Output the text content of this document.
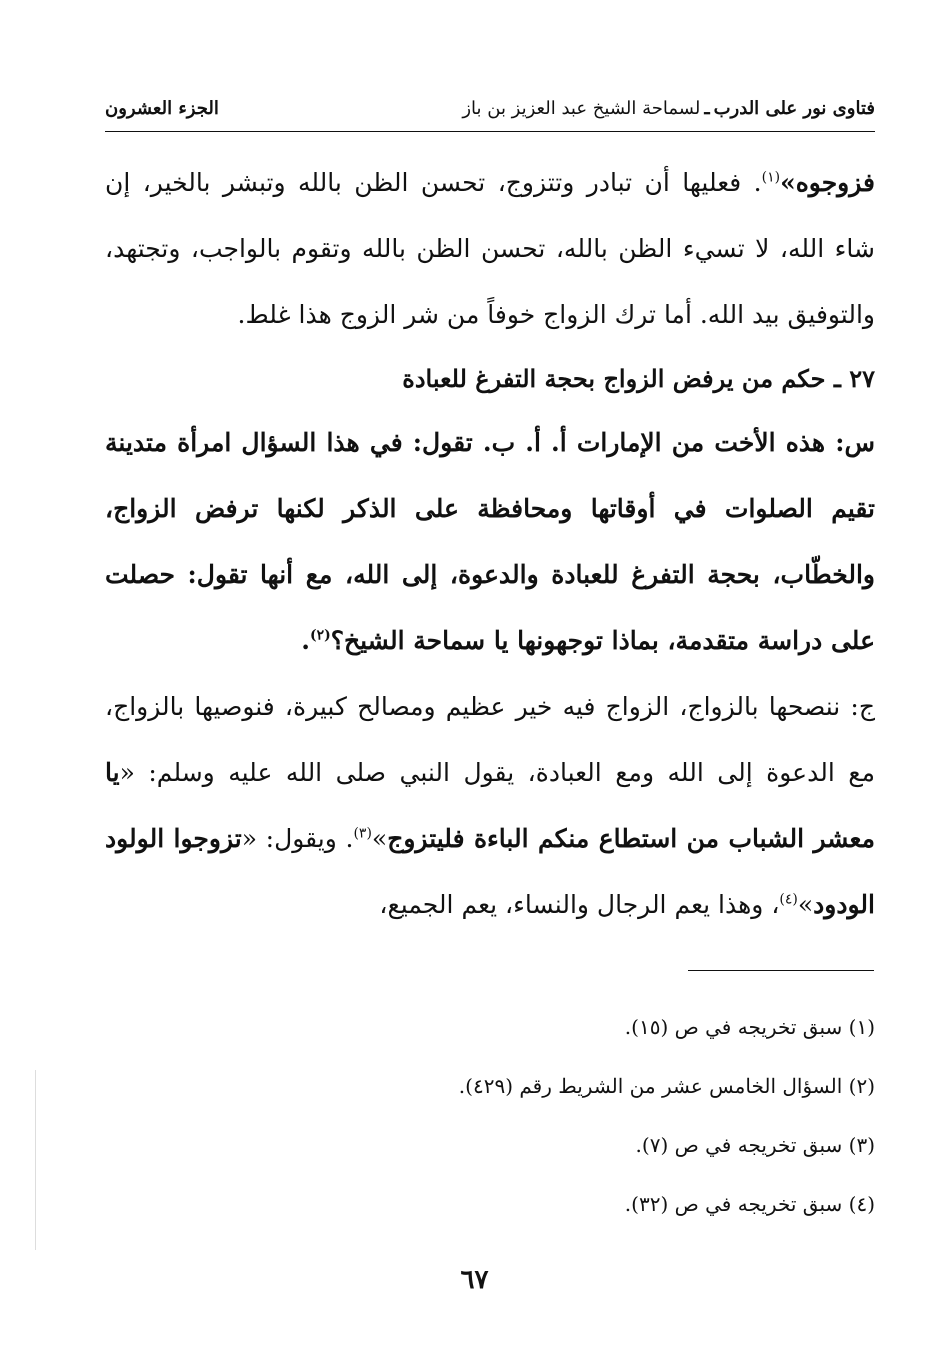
فتاوى نور على الدرب
ـ
لسماحة الشيخ عبد العزيز بن باز
الجزء العشرون

فزوجوه»$^{(١)}$. فعليها أن تبادر وتتزوج، تحسن الظن بالله وتبشر بالخير، إن شاء الله، لا تسيء الظن بالله، تحسن الظن بالله وتقوم بالواجب، وتجتهد، والتوفيق بيد الله. أما ترك الزواج خوفاً من شر الزوج هذا غلط.

٢٧ ـ حكم من يرفض الزواج بحجة التفرغ للعبادة

س: هذه الأخت من الإمارات أ. أ. ب. تقول: في هذا السؤال امرأة متدينة تقيم الصلوات في أوقاتها ومحافظة على الذكر لكنها ترفض الزواج، والخطّاب، بحجة التفرغ للعبادة والدعوة، إلى الله، مع أنها تقول: حصلت على دراسة متقدمة، بماذا توجهونها يا سماحة الشيخ؟$^{(٢)}$.

ج: ننصحها بالزواج، الزواج فيه خير عظيم ومصالح كبيرة، فنوصيها بالزواج، مع الدعوة إلى الله ومع العبادة، يقول النبي صلى الله عليه وسلم: «يا معشر الشباب من استطاع منكم الباءة فليتزوج»$^{(٣)}$. ويقول: «تزوجوا الولود الودود»$^{(٤)}$، وهذا يعم الرجال والنساء، يعم الجميع،

(١) سبق تخريجه في ص (١٥).

(٢) السؤال الخامس عشر من الشريط رقم (٤٢٩).

(٣) سبق تخريجه في ص (٧).

(٤) سبق تخريجه في ص (٣٢).

٦٧
